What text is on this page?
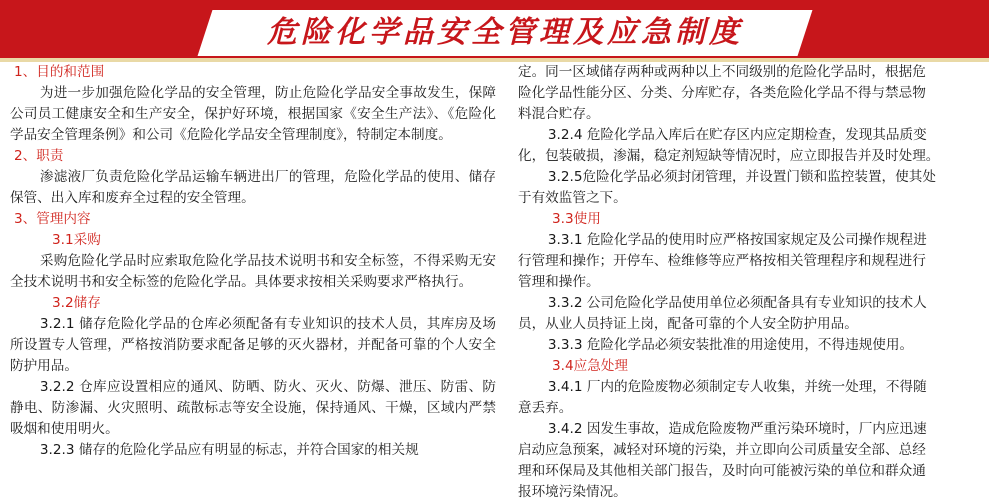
危险化学品安全管理及应急制度

1、目的和范围

为进一步加强危险化学品的安全管理，防止危险化学品安全事故发生，保障公司员工健康安全和生产安全，保护好环境，根据国家《安全生产法》、《危险化学品安全管理条例》和公司《危险化学品安全管理制度》，特制定本制度。

2、职责

渗滤液厂负责危险化学品运输车辆进出厂的管理，危险化学品的使用、储存保管、出入库和废弃全过程的安全管理。

3、管理内容

3.1采购

采购危险化学品时应索取危险化学品技术说明书和安全标签，不得采购无安全技术说明书和安全标签的危险化学品。具体要求按相关采购要求严格执行。

3.2储存

3.2.1 储存危险化学品的仓库必须配备有专业知识的技术人员，其库房及场所设置专人管理，严格按消防要求配备足够的灭火器材，并配备可靠的个人安全防护用品。

3.2.2 仓库应设置相应的通风、防晒、防火、灭火、防爆、泄压、防雷、防静电、防渗漏、火灾照明、疏散标志等安全设施，保持通风、干燥，区域内严禁吸烟和使用明火。

3.2.3 储存的危险化学品应有明显的标志，并符合国家的相关规

定。同一区域储存两种或两种以上不同级别的危险化学品时，根据危

险化学品性能分区、分类、分库贮存，各类危险化学品不得与禁忌物

料混合贮存。

3.2.4 危险化学品入库后在贮存区内应定期检查，发现其品质变

化，包装破损，渗漏，稳定剂短缺等情况时，应立即报告并及时处理。

3.2.5危险化学品必须封闭管理，并设置门锁和监控装置，使其处

于有效监管之下。

3.3使用

3.3.1 危险化学品的使用时应严格按国家规定及公司操作规程进

行管理和操作；开停车、检维修等应严格按相关管理程序和规程进行

管理和操作。

3.3.2 公司危险化学品使用单位必须配备具有专业知识的技术人

员，从业人员持证上岗，配备可靠的个人安全防护用品。

3.3.3 危险化学品必须安装批准的用途使用，不得违规使用。

3.4应急处理

3.4.1 厂内的危险废物必须制定专人收集，并统一处理，不得随

意丢弃。

3.4.2 因发生事故，造成危险废物严重污染环境时，厂内应迅速

启动应急预案，减轻对环境的污染，并立即向公司质量安全部、总经

理和环保局及其他相关部门报告，及时向可能被污染的单位和群众通

报环境污染情况。
